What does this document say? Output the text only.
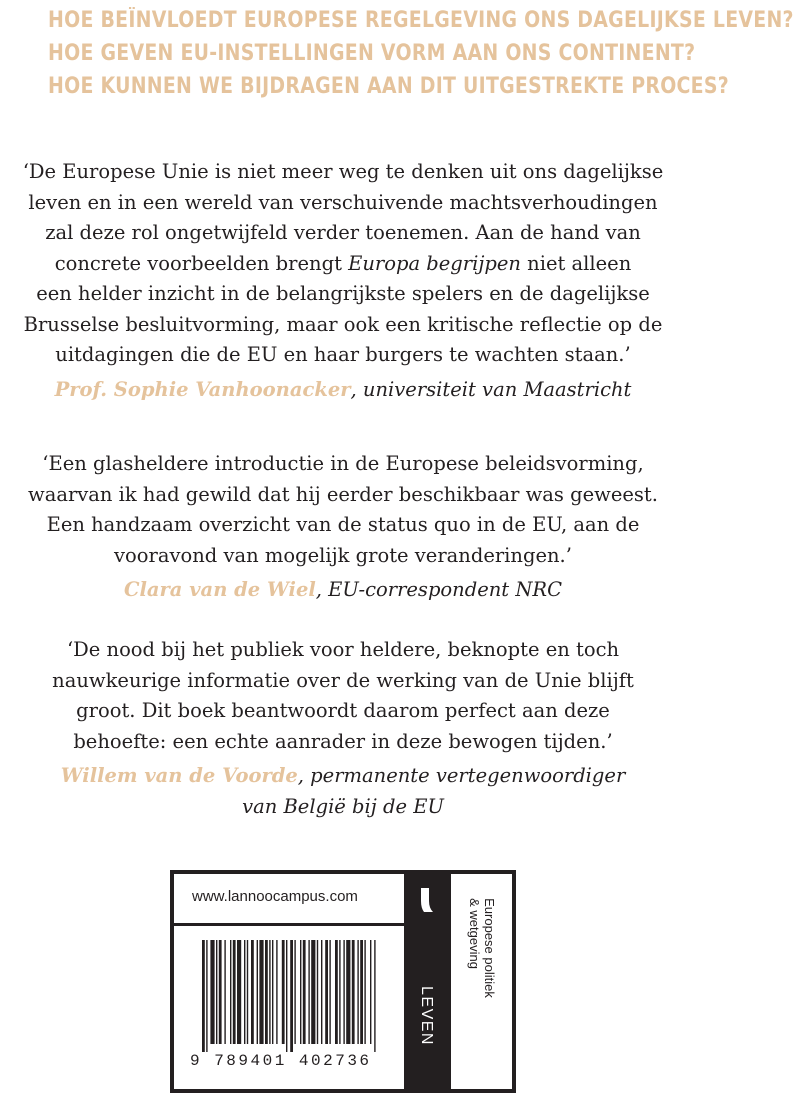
HOE BEÏNVLOEDT EUROPESE REGELGEVING ONS DAGELIJKSE LEVEN?
HOE GEVEN EU-INSTELLINGEN VORM AAN ONS CONTINENT?
HOE KUNNEN WE BIJDRAGEN AAN DIT UITGESTREKTE PROCES?
‘De Europese Unie is niet meer weg te denken uit ons dagelijkse
leven en in een wereld van verschuivende machtsverhoudingen
zal deze rol ongetwijfeld verder toenemen. Aan de hand van
concrete voorbeelden brengt Europa begrijpen niet alleen
een helder inzicht in de belangrijkste spelers en de dagelijkse
Brusselse besluitvorming, maar ook een kritische reflectie op de
uitdagingen die de EU en haar burgers te wachten staan.’
Prof. Sophie Vanhoonacker, universiteit van Maastricht
‘Een glasheldere introductie in de Europese beleidsvorming,
waarvan ik had gewild dat hij eerder beschikbaar was geweest.
Een handzaam overzicht van de status quo in de EU, aan de
vooravond van mogelijk grote veranderingen.’
Clara van de Wiel, EU-correspondent NRC
‘De nood bij het publiek voor heldere, beknopte en toch
nauwkeurige informatie over de werking van de Unie blijft
groot. Dit boek beantwoordt daarom perfect aan deze
behoefte: een echte aanrader in deze bewogen tijden.’
Willem van de Voorde, permanente vertegenwoordiger
van België bij de EU
www.lannoocampus.com
9 789401 402736
LEVEN
Europese politiek
& wetgeving
